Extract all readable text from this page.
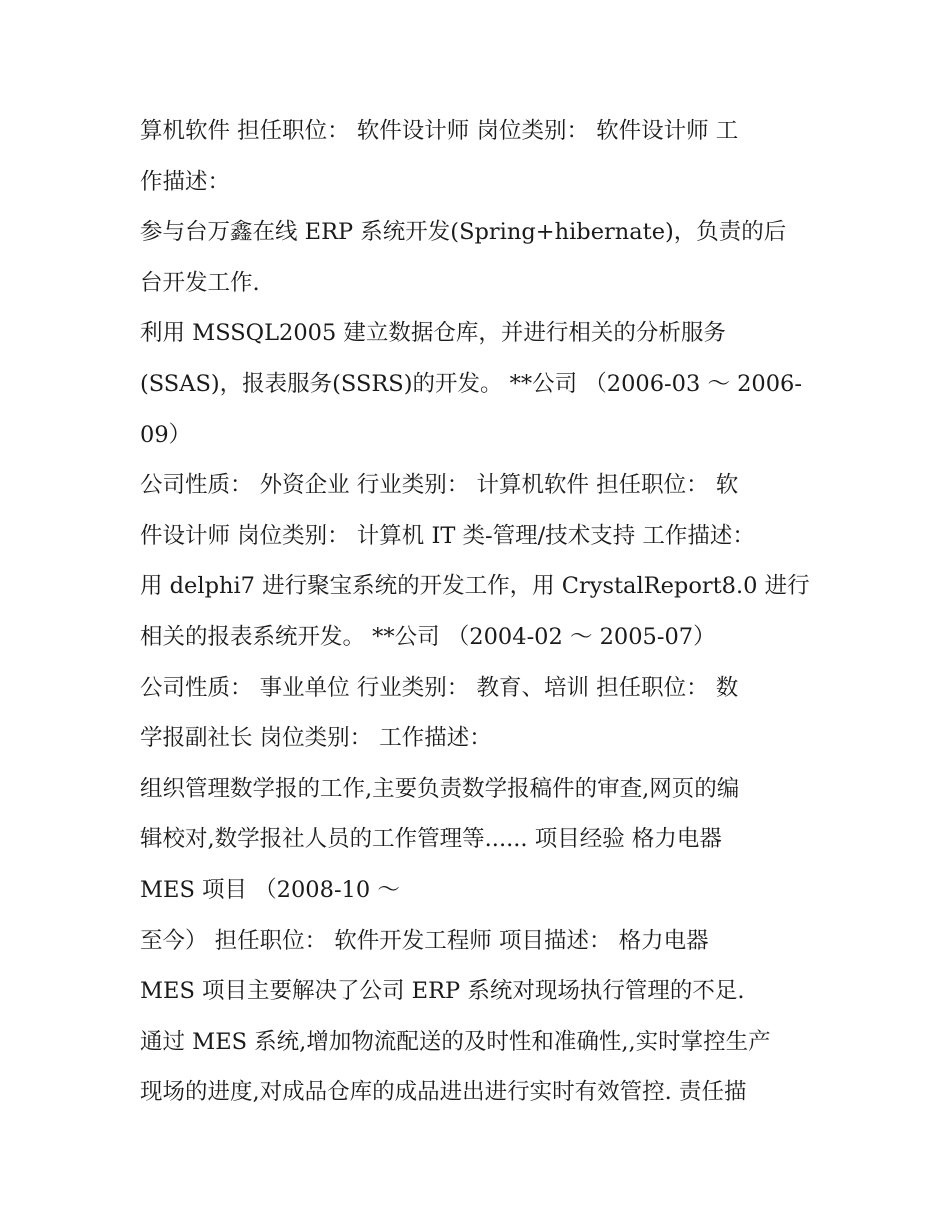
算机软件 担任职位： 软件设计师 岗位类别： 软件设计师 工
作描述：
参与台万鑫在线 ERP 系统开发(Spring+hibernate)，负责的后
台开发工作.
利用 MSSQL2005 建立数据仓库，并进行相关的分析服务
(SSAS)，报表服务(SSRS)的开发。 **公司 （2006-03 ～ 2006-
09）
公司性质： 外资企业 行业类别： 计算机软件 担任职位： 软
件设计师 岗位类别： 计算机 IT 类-管理/技术支持 工作描述：
用 delphi7 进行聚宝系统的开发工作，用 CrystalReport8.0 进行
相关的报表系统开发。 **公司 （2004-02 ～ 2005-07）
公司性质： 事业单位 行业类别： 教育、培训 担任职位： 数
学报副社长 岗位类别： 工作描述：
组织管理数学报的工作,主要负责数学报稿件的审查,网页的编
辑校对,数学报社人员的工作管理等...... 项目经验 格力电器
MES 项目 （2008-10 ～
至今） 担任职位： 软件开发工程师 项目描述： 格力电器
MES 项目主要解决了公司 ERP 系统对现场执行管理的不足.
通过 MES 系统,增加物流配送的及时性和准确性,,实时掌控生产
现场的进度,对成品仓库的成品进出进行实时有效管控. 责任描
